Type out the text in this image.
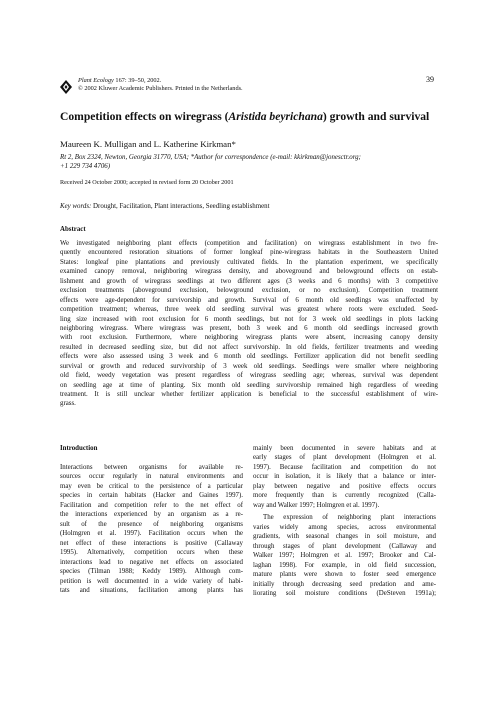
Plant Ecology 167: 39–50, 2002.
© 2002 Kluwer Academic Publishers. Printed in the Netherlands.
39
Competition effects on wiregrass (Aristida beyrichana) growth and survival
Maureen K. Mulligan and L. Katherine Kirkman*
Rt 2, Box 2324, Newton, Georgia 31770, USA; *Author for correspondence (e-mail: kkirkman@jonesctr.org;
+1 229 734 4706)
Received 24 October 2000; accepted in revised form 20 October 2001
Key words: Drought, Facilitation, Plant interactions, Seedling establishment
Abstract
We investigated neighboring plant effects (competition and facilitation) on wiregrass establishment in two fre-
quently encountered restoration situations of former longleaf pine-wiregrass habitats in the Southeastern United
States: longleaf pine plantations and previously cultivated fields. In the plantation experiment, we specifically
examined canopy removal, neighboring wiregrass density, and aboveground and belowground effects on estab-
lishment and growth of wiregrass seedlings at two different ages (3 weeks and 6 months) with 3 competitive
exclusion treatments (aboveground exclusion, belowground exclusion, or no exclusion). Competition treatment
effects were age-dependent for survivorship and growth. Survival of 6 month old seedlings was unaffected by
competition treatment; whereas, three week old seedling survival was greatest where roots were excluded. Seed-
ling size increased with root exclusion for 6 month seedlings, but not for 3 week old seedlings in plots lacking
neighboring wiregrass. Where wiregrass was present, both 3 week and 6 month old seedlings increased growth
with root exclusion. Furthermore, where neighboring wiregrass plants were absent, increasing canopy density
resulted in decreased seedling size, but did not affect survivorship. In old fields, fertilizer treatments and weeding
effects were also assessed using 3 week and 6 month old seedlings. Fertilizer application did not benefit seedling
survival or growth and reduced survivorship of 3 week old seedlings. Seedlings were smaller where neighboring
old field, weedy vegetation was present regardless of wiregrass seedling age; whereas, survival was dependent
on seedling age at time of planting. Six month old seedling survivorship remained high regardless of weeding
treatment. It is still unclear whether fertilizer application is beneficial to the successful establishment of wire-
grass.
Introduction
Interactions between organisms for available re-
sources occur regularly in natural environments and
may even be critical to the persistence of a particular
species in certain habitats (Hacker and Gaines 1997).
Facilitation and competition refer to the net effect of
the interactions experienced by an organism as a re-
sult of the presence of neighboring organisms
(Holmgren et al. 1997). Facilitation occurs when the
net effect of these interactions is positive (Callaway
1995). Alternatively, competition occurs when these
interactions lead to negative net effects on associated
species (Tilman 1988; Keddy 1989). Although com-
petition is well documented in a wide variety of habi-
tats and situations, facilitation among plants has
mainly been documented in severe habitats and at
early stages of plant development (Holmgren et al.
1997). Because facilitation and competition do not
occur in isolation, it is likely that a balance or inter-
play between negative and positive effects occurs
more frequently than is currently recognized (Calla-
way and Walker 1997; Holmgren et al. 1997).
The expression of neighboring plant interactions
varies widely among species, across environmental
gradients, with seasonal changes in soil moisture, and
through stages of plant development (Callaway and
Walker 1997; Holmgren et al. 1997; Brooker and Cal-
laghan 1998). For example, in old field succession,
mature plants were shown to foster seed emergence
initially through decreasing seed predation and ame-
liorating soil moisture conditions (DeSteven 1991a);
